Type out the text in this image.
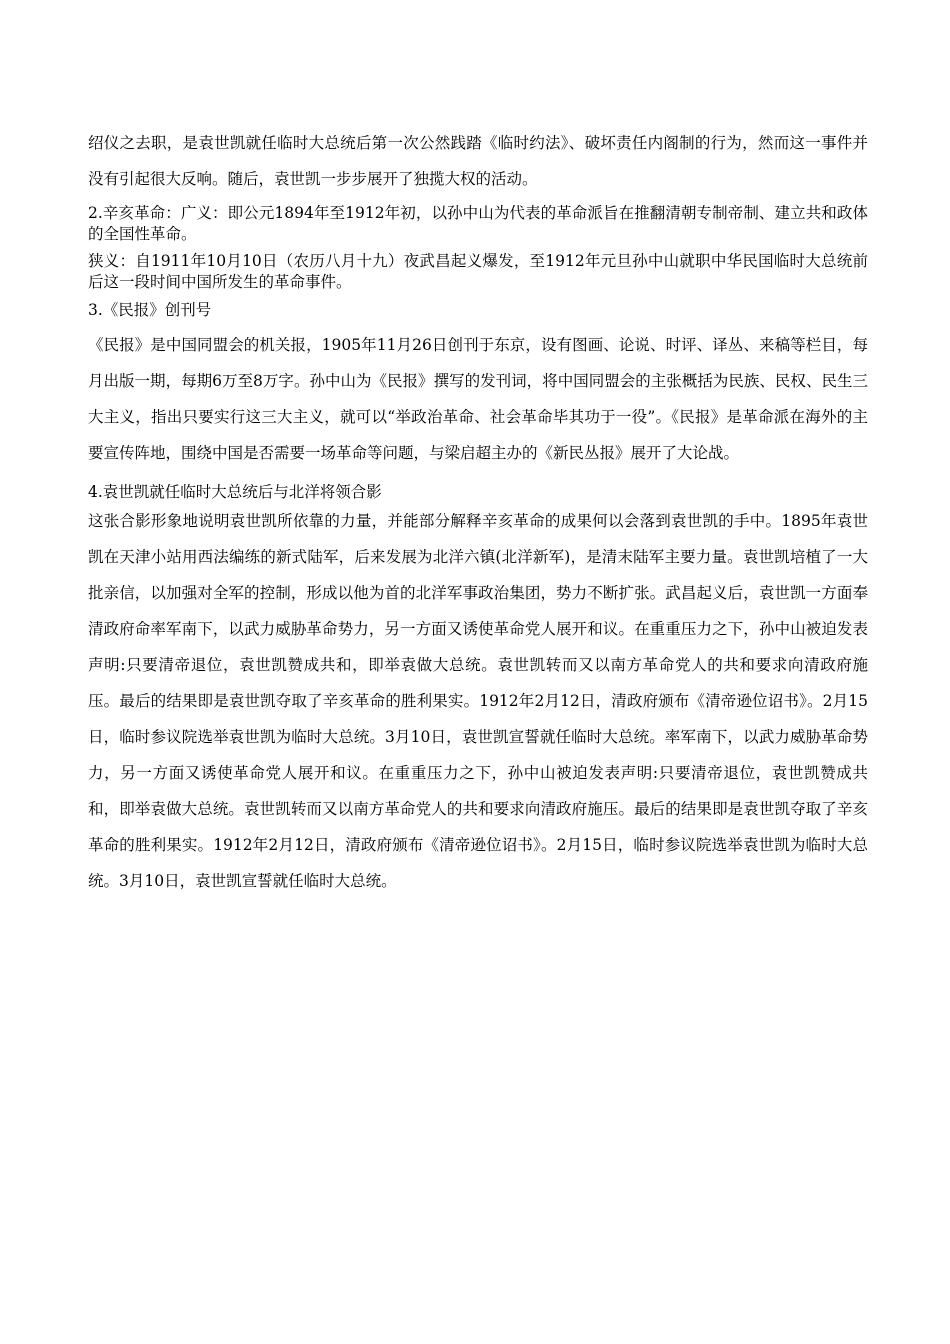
绍仪之去职，是袁世凯就任临时大总统后第一次公然践踏《临时约法》、破坏责任内阁制的行为，然而这一事件并没有引起很大反响。随后，袁世凯一步步展开了独揽大权的活动。

2.辛亥革命：广义：即公元1894年至1912年初，以孙中山为代表的革命派旨在推翻清朝专制帝制、建立共和政体的全国性革命。

狭义：自1911年10月10日（农历八月十九）夜武昌起义爆发，至1912年元旦孙中山就职中华民国临时大总统前后这一段时间中国所发生的革命事件。

3.《民报》创刊号

《民报》是中国同盟会的机关报，1905年11月26日创刊于东京，设有图画、论说、时评、译丛、来稿等栏目，每月出版一期，每期6万至8万字。孙中山为《民报》撰写的发刊词，将中国同盟会的主张概括为民族、民权、民生三大主义，指出只要实行这三大主义，就可以“举政治革命、社会革命毕其功于一役”。《民报》是革命派在海外的主要宣传阵地，围绕中国是否需要一场革命等问题，与梁启超主办的《新民丛报》展开了大论战。

4.袁世凯就任临时大总统后与北洋将领合影

这张合影形象地说明袁世凯所依靠的力量，并能部分解释辛亥革命的成果何以会落到袁世凯的手中。1895年袁世凯在天津小站用西法编练的新式陆军，后来发展为北洋六镇(北洋新军)，是清末陆军主要力量。袁世凯培植了一大批亲信，以加强对全军的控制，形成以他为首的北洋军事政治集团，势力不断扩张。武昌起义后，袁世凯一方面奉清政府命率军南下，以武力威胁革命势力，另一方面又诱使革命党人展开和议。在重重压力之下，孙中山被迫发表声明:只要清帝退位，袁世凯赞成共和，即举袁做大总统。袁世凯转而又以南方革命党人的共和要求向清政府施压。最后的结果即是袁世凯夺取了辛亥革命的胜利果实。1912年2月12日，清政府颁布《清帝逊位诏书》。2月15日，临时参议院选举袁世凯为临时大总统。3月10日，袁世凯宣誓就任临时大总统。率军南下，以武力威胁革命势力，另一方面又诱使革命党人展开和议。在重重压力之下，孙中山被迫发表声明:只要清帝退位，袁世凯赞成共和，即举袁做大总统。袁世凯转而又以南方革命党人的共和要求向清政府施压。最后的结果即是袁世凯夺取了辛亥革命的胜利果实。1912年2月12日，清政府颁布《清帝逊位诏书》。2月15日，临时参议院选举袁世凯为临时大总统。3月10日，袁世凯宣誓就任临时大总统。
